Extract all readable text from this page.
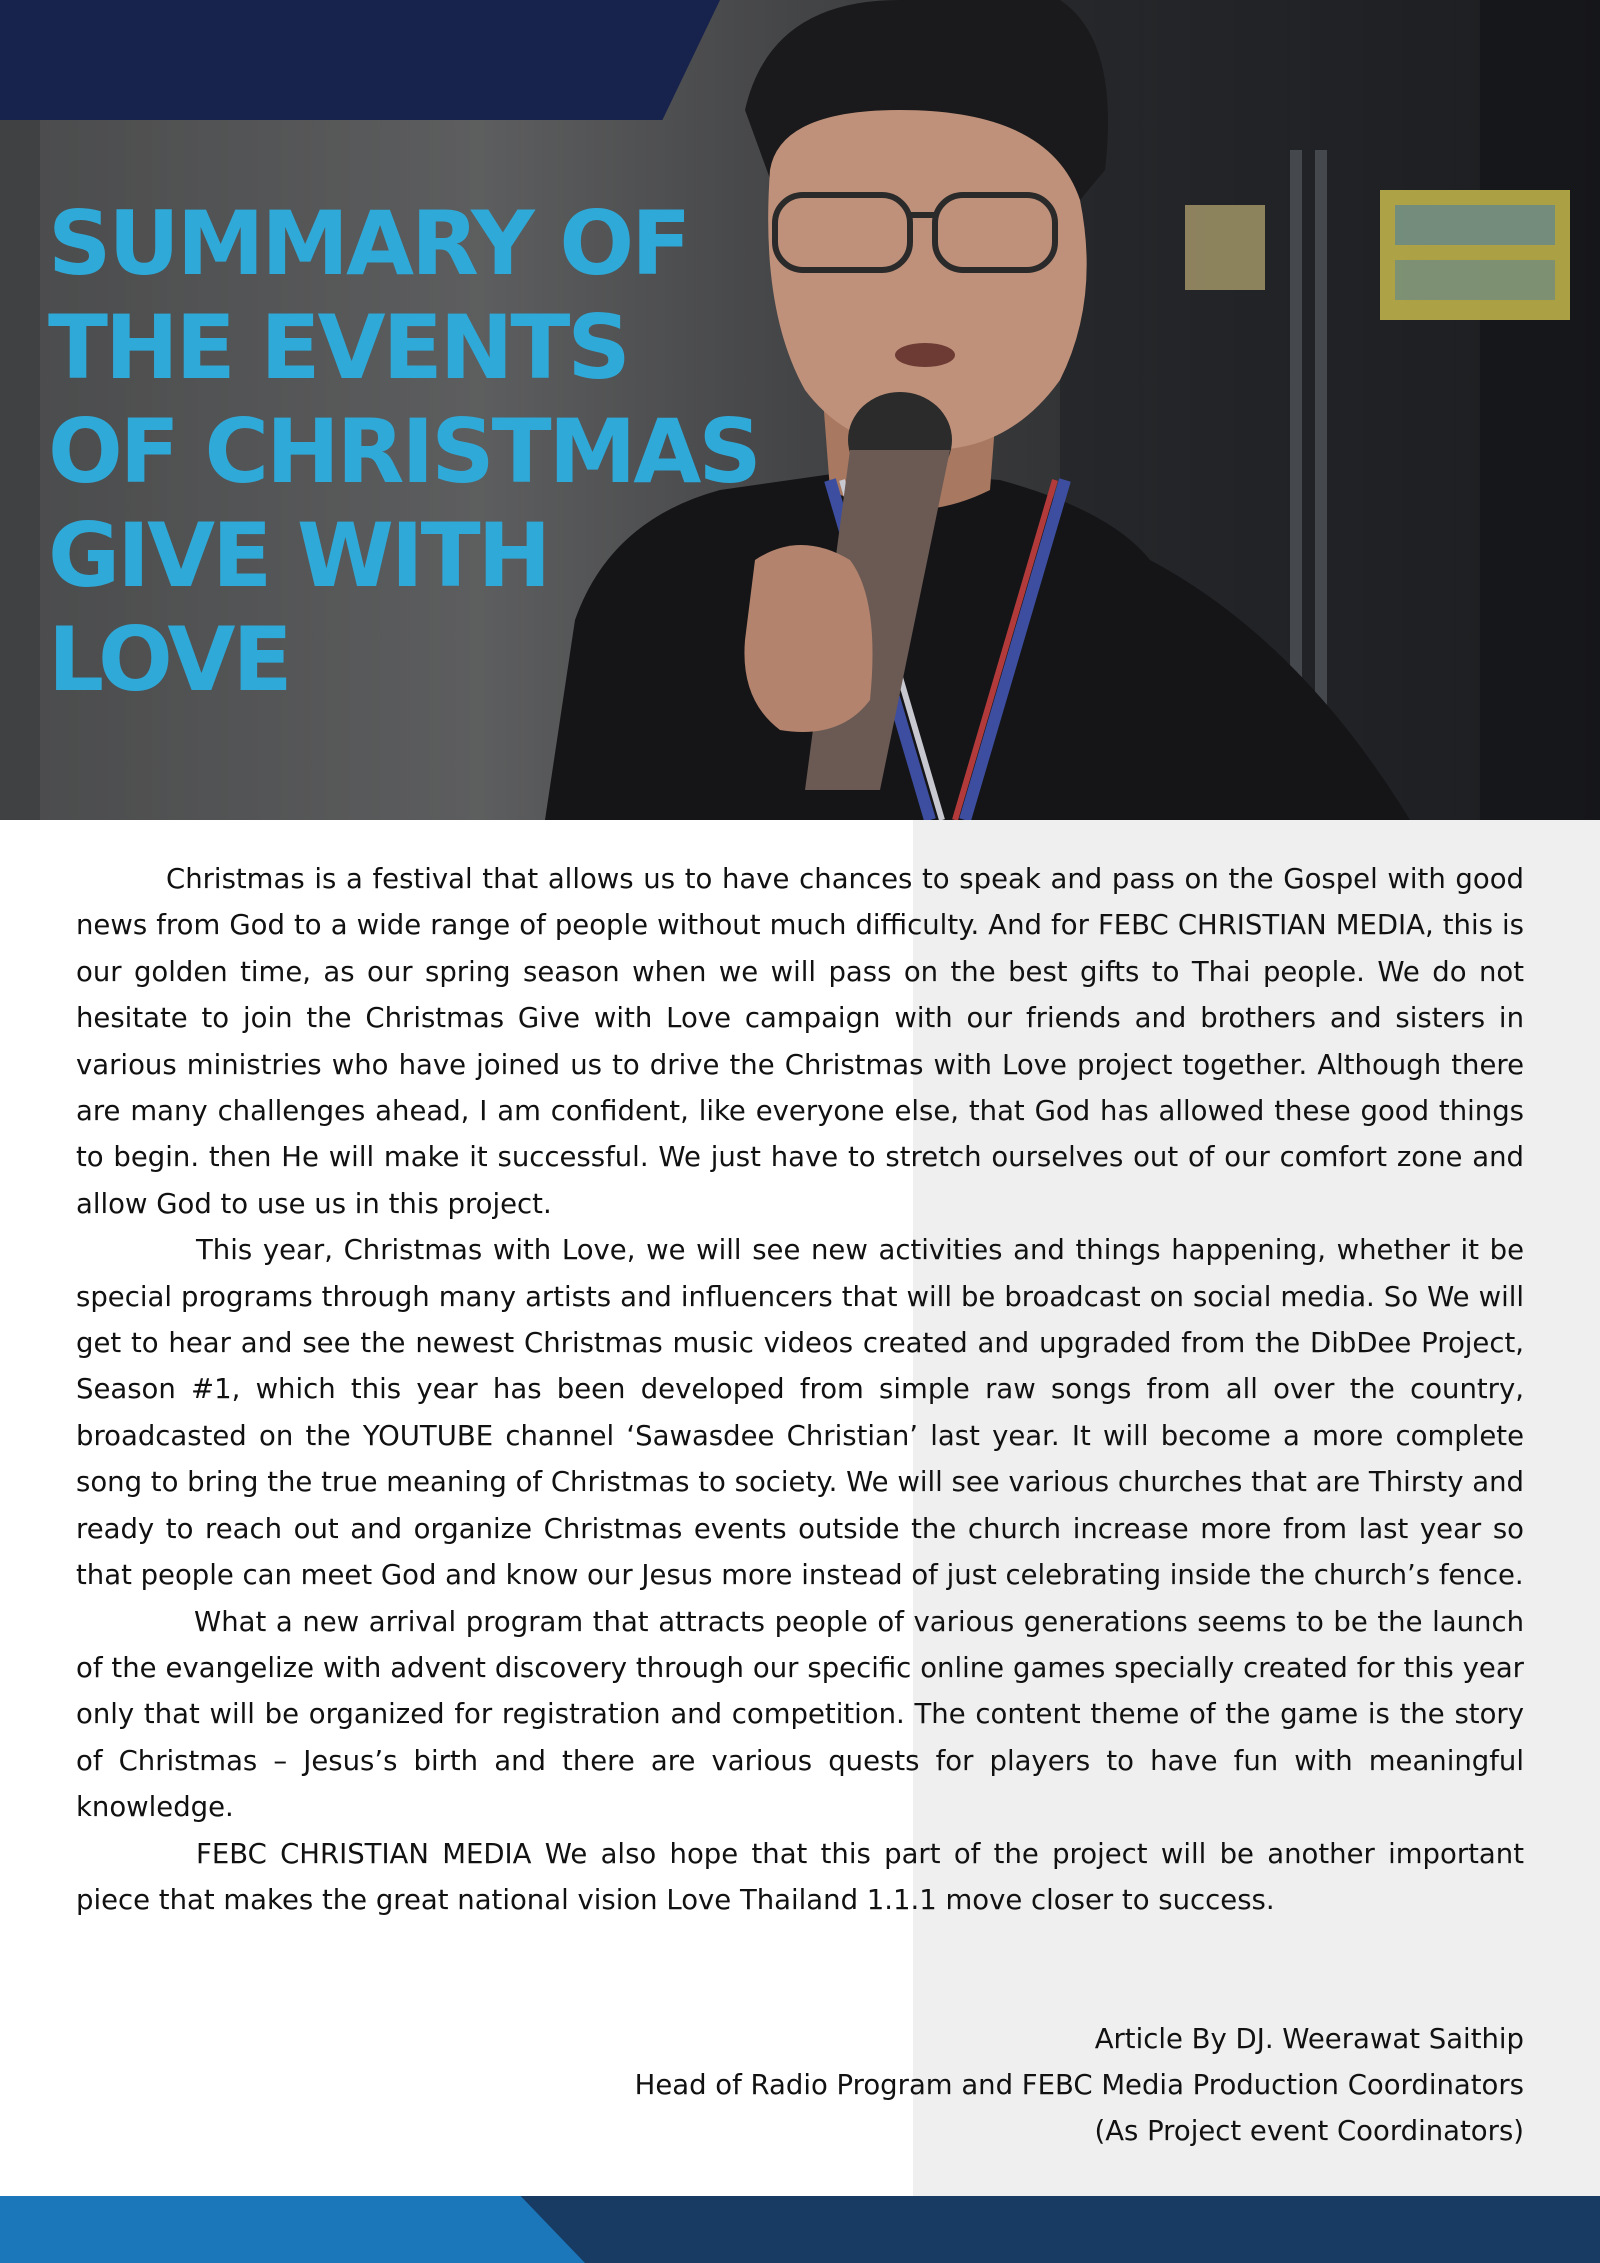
SUMMARY OF
THE EVENTS
OF CHRISTMAS
GIVE WITH
LOVE

Christmas is a festival that allows us to have chances to speak and pass on the Gospel with good news from God to a wide range of people without much difficulty. And for FEBC CHRISTIAN MEDIA, this is our golden time, as our spring season when we will pass on the best gifts to Thai people. We do not hesitate to join the Christmas Give with Love campaign with our friends and brothers and sisters in various ministries who have joined us to drive the Christmas with Love project together. Although there are many challenges ahead, I am confident, like everyone else, that God has allowed these good things to begin. then He will make it successful. We just have to stretch ourselves out of our comfort zone and allow God to use us in this project.

This year, Christmas with Love, we will see new activities and things happening, whether it be special programs through many artists and influencers that will be broadcast on social media. So We will get to hear and see the newest Christmas music videos created and upgraded from the DibDee Project, Season #1, which this year has been developed from simple raw songs from all over the country, broadcasted on the YOUTUBE channel ‘Sawasdee Christian’ last year. It will become a more complete song to bring the true meaning of Christmas to society. We will see various churches that are Thirsty and ready to reach out and organize Christmas events outside the church increase more from last year so that people can meet God and know our Jesus more instead of just celebrating inside the church’s fence.

What a new arrival program that attracts people of various generations seems to be the launch of the evangelize with advent discovery through our specific online games specially created for this year only that will be organized for registration and competition. The content theme of the game is the story of Christmas – Jesus’s birth and there are various quests for players to have fun with meaningful knowledge.

FEBC CHRISTIAN MEDIA We also hope that this part of the project will be another important piece that makes the great national vision Love Thailand 1.1.1 move closer to success.

Article By DJ. Weerawat Saithip
Head of Radio Program and FEBC Media Production Coordinators
(As Project event Coordinators)
